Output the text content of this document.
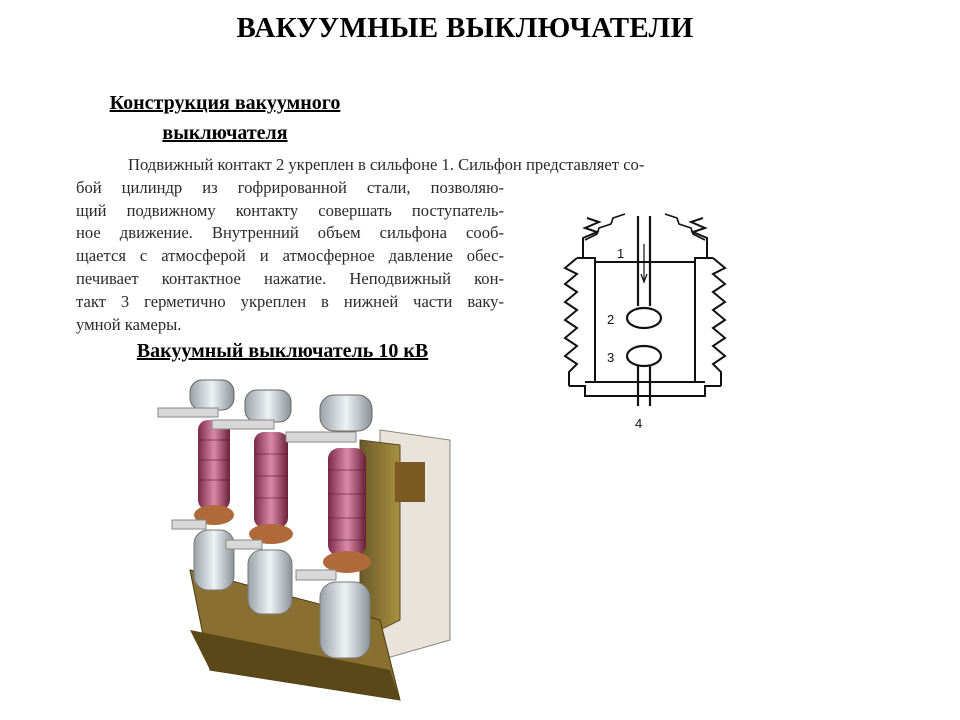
ВАКУУМНЫЕ ВЫКЛЮЧАТЕЛИ
Конструкция вакуумного
выключателя
Подвижный контакт 2 укреплен в сильфоне 1. Сильфон представляет со-
бой цилиндр из гофрированной стали, позволяю-
щий подвижному контакту совершать поступатель-
ное движение. Внутренний объем сильфона сооб-
щается с атмосферой и атмосферное давление обес-
печивает контактное нажатие. Неподвижный кон-
такт 3 герметично укреплен в нижней части ваку-
умной камеры.
1
2
3
4
Вакуумный выключатель 10 кВ
